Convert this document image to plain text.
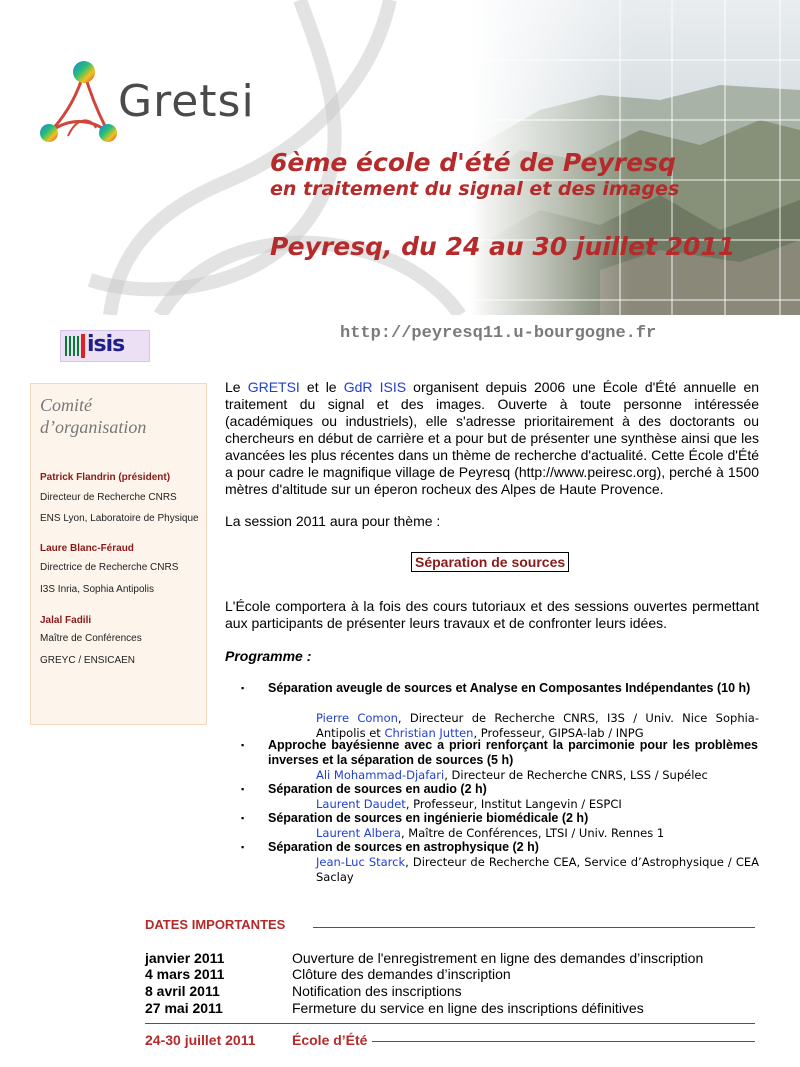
Gretsi
6ème école d'été de Peyresq
en traitement du signal et des images
Peyresq, du 24 au 30 juillet 2011
http://peyresq11.u-bourgogne.fr
isis
Comité
d’organisation
Patrick Flandrin (président)
Directeur de Recherche CNRS
ENS Lyon, Laboratoire de Physique
Laure Blanc-Féraud
Directrice de Recherche CNRS
I3S Inria, Sophia Antipolis
Jalal Fadili
Maître de Conférences
GREYC / ENSICAEN
Le GRETSI et le GdR ISIS organisent depuis 2006 une École d'Été annuelle en traitement du signal et des images. Ouverte à toute personne intéressée (académiques ou industriels), elle s'adresse prioritairement à des doctorants ou chercheurs en début de carrière et a pour but de présenter une synthèse ainsi que les avancées les plus récentes dans un thème de recherche d'actualité. Cette École d'Été a pour cadre le magnifique village de Peyresq (http://www.peiresc.org), perché à 1500 mètres d'altitude sur un éperon rocheux des Alpes de Haute Provence.
La session 2011 aura pour thème :
Séparation de sources
L'École comportera à la fois des cours tutoriaux et des sessions ouvertes permettant aux participants de présenter leurs travaux et de confronter leurs idées.
Programme :
▪ Séparation aveugle de sources et Analyse en Composantes Indépendantes (10 h)
Pierre Comon, Directeur de Recherche CNRS, I3S / Univ. Nice Sophia-Antipolis et Christian Jutten, Professeur, GIPSA-lab / INPG
▪ Approche bayésienne avec a priori renforçant la parcimonie pour les problèmes inverses et la séparation de sources (5 h)
Ali Mohammad-Djafari, Directeur de Recherche CNRS, LSS / Supélec
▪ Séparation de sources en audio (2 h)
Laurent Daudet, Professeur, Institut Langevin / ESPCI
▪ Séparation de sources en ingénierie biomédicale (2 h)
Laurent Albera, Maître de Conférences, LTSI / Univ. Rennes 1
▪ Séparation de sources en astrophysique (2 h)
Jean-Luc Starck, Directeur de Recherche CEA, Service d’Astrophysique / CEA Saclay
DATES IMPORTANTES
janvier 2011	Ouverture de l'enregistrement en ligne des demandes d’inscription
4 mars 2011	Clôture des demandes d’inscription
8 avril 2011	Notification des inscriptions
27 mai 2011	Fermeture du service en ligne des inscriptions définitives
24-30 juillet 2011	École d’Été
